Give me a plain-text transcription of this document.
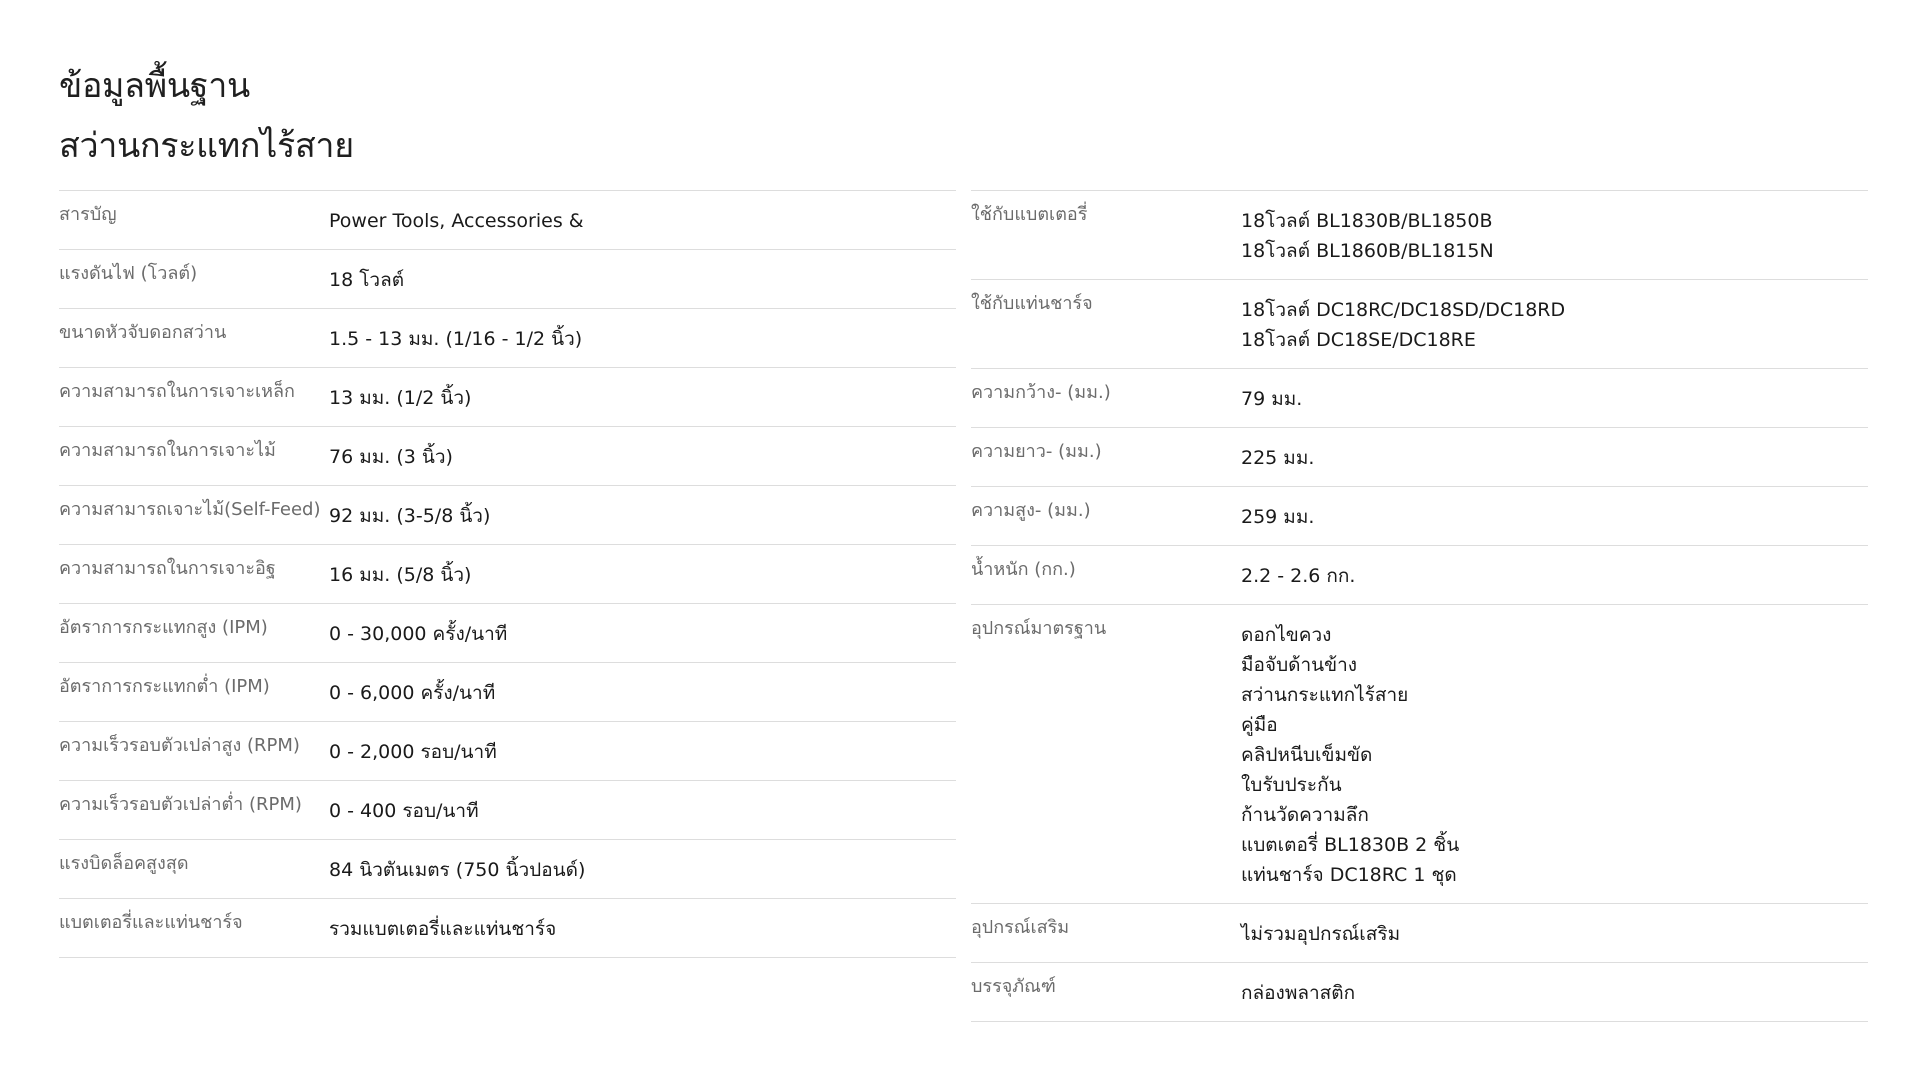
ข้อมูลพื้นฐาน
สว่านกระแทกไร้สาย
สารบัญ	Power Tools, Accessories &
แรงดันไฟ (โวลต์)	18 โวลต์
ขนาดหัวจับดอกสว่าน	1.5 - 13 มม. (1/16 - 1/2 นิ้ว)
ความสามารถในการเจาะเหล็ก	13 มม. (1/2 นิ้ว)
ความสามารถในการเจาะไม้	76 มม. (3 นิ้ว)
ความสามารถเจาะไม้(Self-Feed) 92 มม. (3-5/8 นิ้ว)
ความสามารถในการเจาะอิฐ	16 มม. (5/8 นิ้ว)
อัตราการกระแทกสูง (IPM)	0 - 30,000 ครั้ง/นาที
อัตราการกระแทกต่ำ (IPM)	0 - 6,000 ครั้ง/นาที
ความเร็วรอบตัวเปล่าสูง (RPM)	0 - 2,000 รอบ/นาที
ความเร็วรอบตัวเปล่าต่ำ (RPM)	0 - 400 รอบ/นาที
แรงบิดล็อคสูงสุด	84 นิวตันเมตร (750 นิ้วปอนด์)
แบตเตอรี่และแท่นชาร์จ	รวมแบตเตอรี่และแท่นชาร์จ
ใช้กับแบตเตอรี่	18โวลต์ BL1830B/BL1850B
18โวลต์ BL1860B/BL1815N
ใช้กับแท่นชาร์จ	18โวลต์ DC18RC/DC18SD/DC18RD
18โวลต์ DC18SE/DC18RE
ความกว้าง- (มม.)	79 มม.
ความยาว- (มม.)	225 มม.
ความสูง- (มม.)	259 มม.
น้ำหนัก (กก.)	2.2 - 2.6 กก.
อุปกรณ์มาตรฐาน	ดอกไขควง
มือจับด้านข้าง
สว่านกระแทกไร้สาย
คู่มือ
คลิปหนีบเข็มขัด
ใบรับประกัน
ก้านวัดความลึก
แบตเตอรี่ BL1830B 2 ชิ้น
แท่นชาร์จ DC18RC 1 ชุด
อุปกรณ์เสริม	ไม่รวมอุปกรณ์เสริม
บรรจุภัณฑ์	กล่องพลาสติก
